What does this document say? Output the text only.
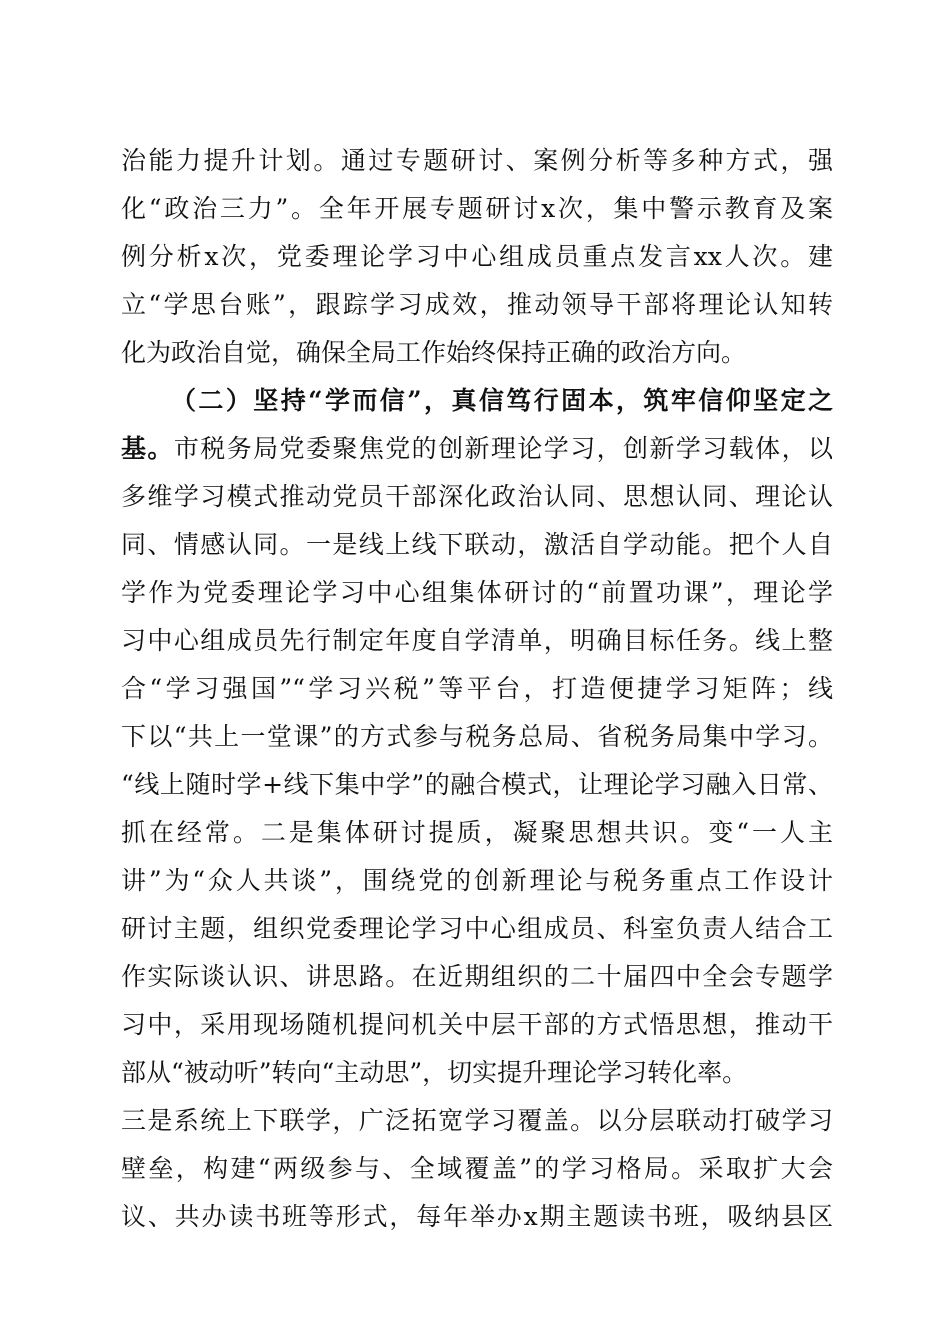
治能力提升计划。通过专题研讨、案例分析等多种方式，强
化“政治三力”。全年开展专题研讨x次，集中警示教育及案
例分析x次，党委理论学习中心组成员重点发言xx人次。建
立“学思台账”，跟踪学习成效，推动领导干部将理论认知转
化为政治自觉，确保全局工作始终保持正确的政治方向。
（二）坚持“学而信”，真信笃行固本，筑牢信仰坚定之
基。市税务局党委聚焦党的创新理论学习，创新学习载体，以
多维学习模式推动党员干部深化政治认同、思想认同、理论认
同、情感认同。一是线上线下联动，激活自学动能。把个人自
学作为党委理论学习中心组集体研讨的“前置功课”，理论学
习中心组成员先行制定年度自学清单，明确目标任务。线上整
合“学习强国”“学习兴税”等平台，打造便捷学习矩阵；线
下以“共上一堂课”的方式参与税务总局、省税务局集中学习。
“线上随时学+线下集中学”的融合模式，让理论学习融入日常、
抓在经常。二是集体研讨提质，凝聚思想共识。变“一人主
讲”为“众人共谈”，围绕党的创新理论与税务重点工作设计
研讨主题，组织党委理论学习中心组成员、科室负责人结合工
作实际谈认识、讲思路。在近期组织的二十届四中全会专题学
习中，采用现场随机提问机关中层干部的方式悟思想，推动干
部从“被动听”转向“主动思”，切实提升理论学习转化率。
三是系统上下联学，广泛拓宽学习覆盖。以分层联动打破学习
壁垒，构建“两级参与、全域覆盖”的学习格局。采取扩大会
议、共办读书班等形式，每年举办x期主题读书班，吸纳县区
